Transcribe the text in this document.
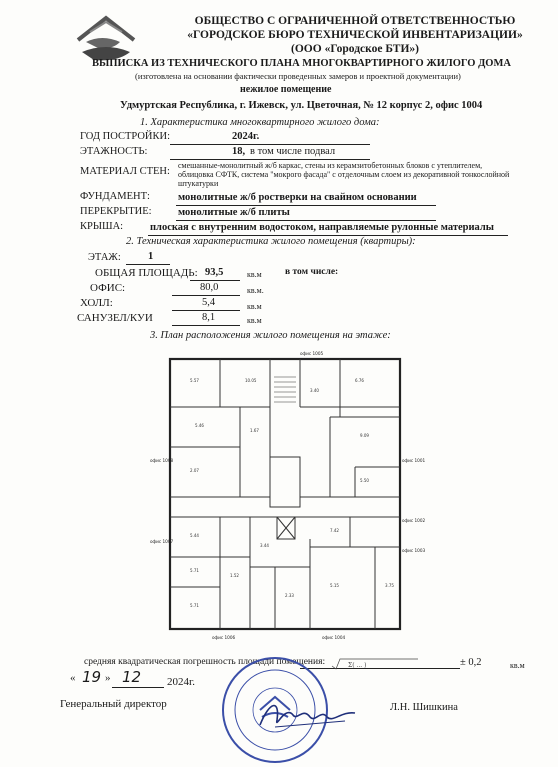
ОБЩЕСТВО С ОГРАНИЧЕННОЙ ОТВЕТСТВЕННОСТЬЮ
«ГОРОДСКОЕ БЮРО ТЕХНИЧЕСКОЙ ИНВЕНТАРИЗАЦИИ»
(ООО «Городское БТИ»)
ВЫПИСКА ИЗ ТЕХНИЧЕСКОГО ПЛАНА МНОГОКВАРТИРНОГО ЖИЛОГО ДОМА
(изготовлена на основании фактически проведенных замеров и проектной документации)
нежилое помещение
Удмуртская Республика, г. Ижевск, ул. Цветочная, № 12 корпус 2, офис 1004
1. Характеристика многоквартирного жилого дома:
ГОД ПОСТРОЙКИ:	2024г.
ЭТАЖНОСТЬ:	18, в том числе подвал
МАТЕРИАЛ СТЕН:
смешанные-монолитный ж/б каркас, стены из керамзитобетонных блоков с утеплителем,
облицовка СФТК, система "мокрого фасада" с отделочным слоем из декоративной тонкослойной
штукатурки
ФУНДАМЕНТ:	монолитные ж/б ростверки на свайном основании
ПЕРЕКРЫТИЕ:	монолитные ж/б плиты
КРЫША:	плоская с внутренним водостоком, направляемые рулонные материалы
2. Техническая характеристика жилого помещения (квартиры):
ЭТАЖ:	1
ОБЩАЯ ПЛОЩАДЬ: 93,5	кв.м в том числе:
ОФИС:	80,0	кв.м.
ХОЛЛ:	5,4	кв.м
САНУЗЕЛ/КУИ	8,1	кв.м
3. План расположения жилого помещения на этаже:
5.57	10.05	6.76
3.40
5.46
1.67
9.09
5.50
2.07
5.44
5.71
5.71
1.52
2.33
7.42
5.15	3.75
3.44
офис 1005
офис 1004
офис 1008
офис 1007
офис 1006
офис 1001
офис 1002
офис 1003
средняя квадратическая погрешность площади помещения:	Σ( ... )	± 0,2	кв.м
« 19 » 12 2024г.
Генеральный директор	Л.Н. Шишкина
